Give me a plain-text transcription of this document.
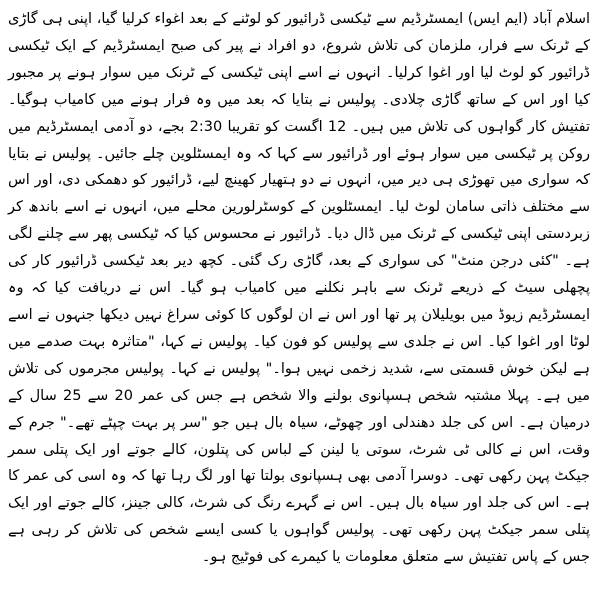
اسلام آباد (ایم ایس) ایمسٹرڈیم سے ٹیکسی ڈرائیور کو لوٹنے کے بعد اغواء کرلیا گیا، اپنی ہی گاڑی کے ٹرنک سے فرار، ملزمان کی تلاش شروع، دو افراد نے پیر کی صبح ایمسٹرڈیم کے ایک ٹیکسی ڈرائیور کو لوٹ لیا اور اغوا کرلیا۔ انہوں نے اسے اپنی ٹیکسی کے ٹرنک میں سوار ہونے پر مجبور کیا اور اس کے ساتھ گاڑی چلادی۔ پولیس نے بتایا کہ بعد میں وہ فرار ہونے میں کامیاب ہوگیا۔ تفتیش کار گواہوں کی تلاش میں ہیں۔ 12 اگست کو تقریبا 2:30 بجے، دو آدمی ایمسٹرڈیم میں روکن پر ٹیکسی میں سوار ہوئے اور ڈرائیور سے کہا کہ وہ ایمسٹلوین چلے جائیں۔ پولیس نے بتایا کہ سواری میں تھوڑی ہی دیر میں، انہوں نے دو ہتھیار کھینچ لیے، ڈرائیور کو دھمکی دی، اور اس سے مختلف ذاتی سامان لوٹ لیا۔ ایمسٹلوین کے کوسٹرلورین محلے میں، انہوں نے اسے باندھ کر زبردستی اپنی ٹیکسی کے ٹرنک میں ڈال دیا۔ ڈرائیور نے محسوس کیا کہ ٹیکسی پھر سے چلنے لگی ہے۔ "کئی درجن منٹ" کی سواری کے بعد، گاڑی رک گئی۔ کچھ دیر بعد ٹیکسی ڈرائیور کار کی پچھلی سیٹ کے ذریعے ٹرنک سے باہر نکلنے میں کامیاب ہو گیا۔ اس نے دریافت کیا کہ وہ ایمسٹرڈیم زیوڈ میں بویلیلان پر تھا اور اس نے ان لوگوں کا کوئی سراغ نہیں دیکھا جنہوں نے اسے لوٹا اور اغوا کیا۔ اس نے جلدی سے پولیس کو فون کیا۔ پولیس نے کہا، "متاثرہ بہت صدمے میں ہے لیکن خوش قسمتی سے، شدید زخمی نہیں ہوا۔" پولیس نے کہا۔ پولیس مجرموں کی تلاش میں ہے۔ پہلا مشتبہ شخص ہسپانوی بولنے والا شخص ہے جس کی عمر 20 سے 25 سال کے درمیان ہے۔ اس کی جلد دھندلی اور چھوٹے، سیاہ بال ہیں جو "سر پر بہت چپٹے تھے۔" جرم کے وقت، اس نے کالی ٹی شرٹ، سوتی یا لینن کے لباس کی پتلون، کالے جوتے اور ایک پتلی سمر جیکٹ پہن رکھی تھی۔ دوسرا آدمی بھی ہسپانوی بولتا تھا اور لگ رہا تھا کہ وہ اسی کی عمر کا ہے۔ اس کی جلد اور سیاہ بال ہیں۔ اس نے گہرے رنگ کی شرٹ، کالی جینز، کالے جوتے اور ایک پتلی سمر جیکٹ پہن رکھی تھی۔ پولیس گواہوں یا کسی ایسے شخص کی تلاش کر رہی ہے جس کے پاس تفتیش سے متعلق معلومات یا کیمرے کی فوٹیج ہو۔
